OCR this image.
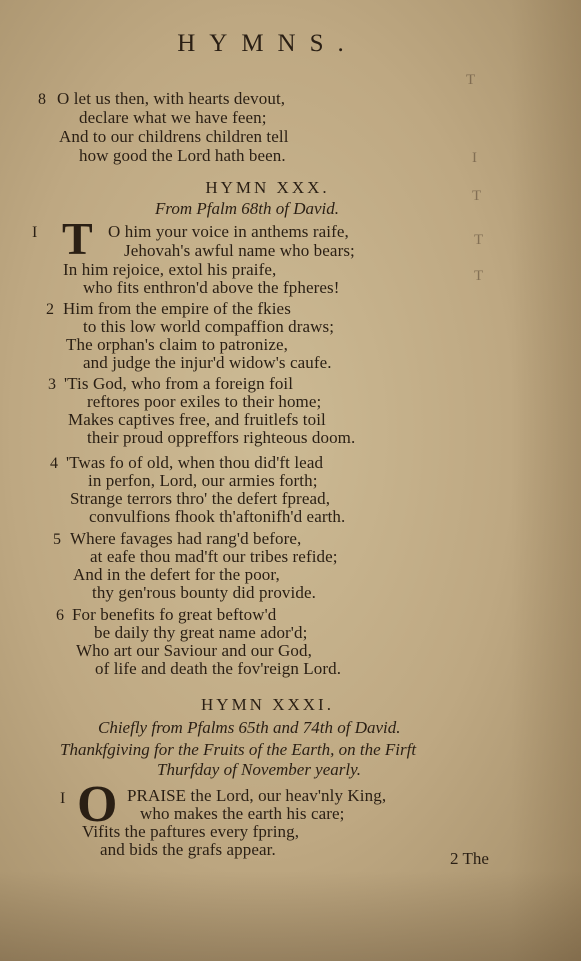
T
I
T
T
T
HYMNS.
8 O let us then, with hearts devout,
declare what we have feen;
And to our childrens children tell
how good the Lord hath been.
HYMN XXX.
From Pfalm 68th of David.
I T O him your voice in anthems raife,
Jehovah's awful name who bears;
In him rejoice, extol his praife,
who fits enthron'd above the fpheres!
2 Him from the empire of the fkies
to this low world compaffion draws;
The orphan's claim to patronize,
and judge the injur'd widow's caufe.
3 'Tis God, who from a foreign foil
reftores poor exiles to their home;
Makes captives free, and fruitlefs toil
their proud oppreffors righteous doom.
4 'Twas fo of old, when thou did'ft lead
in perfon, Lord, our armies forth;
Strange terrors thro' the defert fpread,
convulfions fhook th'aftonifh'd earth.
5 Where favages had rang'd before,
at eafe thou mad'ft our tribes refide;
And in the defert for the poor,
thy gen'rous bounty did provide.
6 For benefits fo great beftow'd
be daily thy great name ador'd;
Who art our Saviour and our God,
of life and death the fov'reign Lord.
HYMN XXXI.
Chiefly from Pfalms 65th and 74th of David.
Thankfgiving for the Fruits of the Earth, on the Firft
Thurfday of November yearly.
I O PRAISE the Lord, our heav'nly King,
who makes the earth his care;
Vifits the paftures every fpring,
and bids the grafs appear.	2 The
